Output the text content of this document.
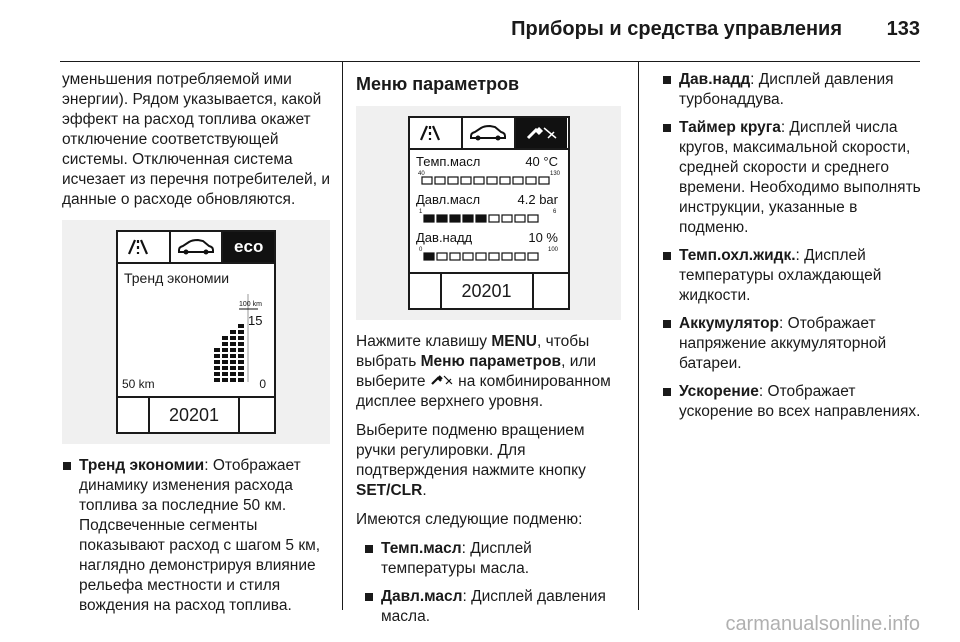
Приборы и средства управления 133

уменьшения потребляемой ими энергии). Рядом указывается, какой эффект на расход топлива окажет отключение соответствующей системы. Отключенная система исчезает из перечня потребителей, и данные о расходе обновляются.

eco
Тренд экономии
100 km
15
50 km	0
20201
Тренд экономии: Отображает динамику изменения расхода топлива за последние 50 км. Подсвеченные сегменты показывают расход с шагом 5 км, наглядно демонстрируя влияние рельефа местности и стиля вождения на расход топлива.
Меню параметров
Темп.масл	40 °C
40	130
Давл.масл	4.2 bar
1	6
Дав.надд	10 %
0	100
20201

Нажмите клавишу MENU, чтобы выбрать Меню параметров, или выберите  на комбинированном дисплее верхнего уровня.

Выберите подменю вращением ручки регулировки. Для подтверждения нажмите кнопку SET/CLR.

Имеются следующие подменю:

Темп.масл: Дисплей температуры масла.
Давл.масл: Дисплей давления масла.
Дав.надд: Дисплей давления турбонаддува.
Таймер круга: Дисплей числа кругов, максимальной скорости, средней скорости и среднего времени. Необходимо выполнять инструкции, указанные в подменю.
Темп.охл.жидк.: Дисплей температуры охлаждающей жидкости.
Аккумулятор: Отображает напряжение аккумуляторной батареи.
Ускорение: Отображает ускорение во всех направлениях.
carmanualsonline.info
